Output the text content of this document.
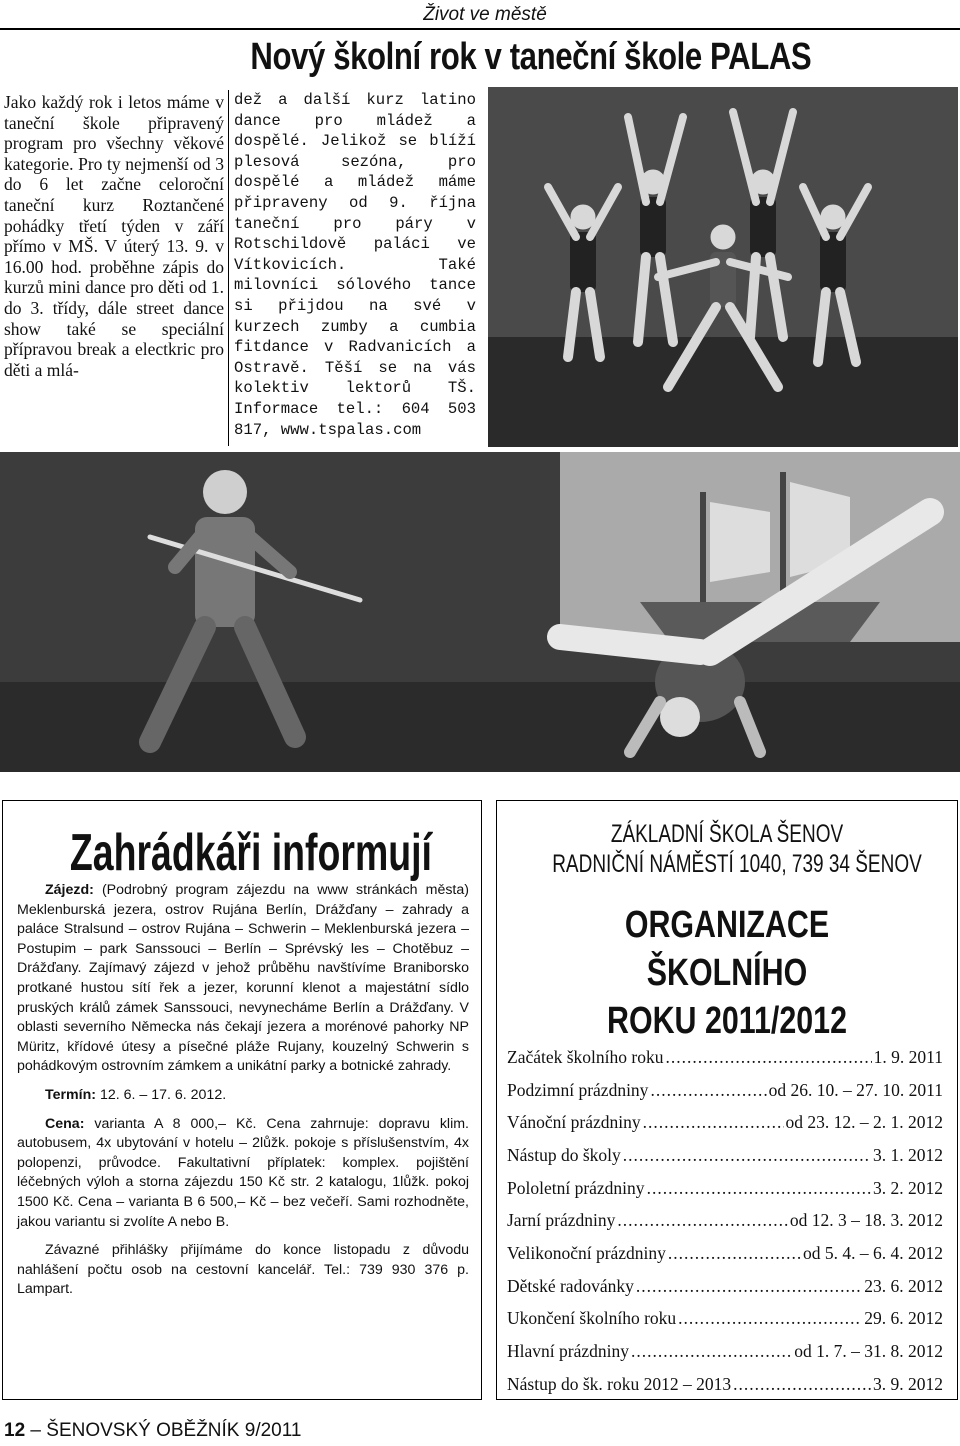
Život ve městě
Nový školní rok v taneční škole PALAS
Jako každý rok i letos máme v taneční škole připravený program pro všechny věkové kategorie. Pro ty nejmenší od 3 do 6 let začne celoroční taneční kurz Roztančené pohádky třetí týden v září přímo v MŠ. V úterý 13. 9. v 16.00 hod. proběhne zápis do kurzů mini dance pro děti od 1. do 3. třídy, dále street dance show také se speciální přípravou break a electkric pro děti a mlá-
dež a další kurz latino dance pro mládež a dospělé. Jelikož se blíží plesová sezóna, pro dospělé a mládež máme připraveny od 9. října taneční pro páry v Rotschildově paláci ve Vítkovicích. Také milovníci sólového tance si přijdou na své v kurzech zumby a cumbia fitdance v Radvanicích a Ostravě. Těší se na vás kolektiv lektorů TŠ. Informace tel.: 604 503 817, www.tspalas.com
Zahrádkáři informují

Zájezd: (Podrobný program zájezdu na www stránkách města) Meklenburská jezera, ostrov Rujána Berlín, Drážďany – zahrady a paláce Stralsund – ostrov Rujána – Schwerin – Meklenburská jezera – Postupim – park Sanssouci – Berlín – Sprévský les – Chotěbuz – Drážďany. Zajímavý zájezd v jehož průběhu navštívíme Braniborsko protkané hustou sítí řek a jezer, korunní klenot a majestátní sídlo pruských králů zámek Sanssouci, nevynecháme Berlín a Drážďany. V oblasti severního Německa nás čekají jezera a morénové pahorky NP Müritz, křídové útesy a písečné pláže Rujany, kouzelný Schwerin s pohádkovým ostrovním zámkem a unikátní parky a botnické zahrady.

Termín: 12. 6. – 17. 6. 2012.

Cena: varianta A 8 000,– Kč. Cena zahrnuje: dopravu klim. autobusem, 4x ubytování v hotelu – 2lůžk. pokoje s příslušenstvím, 4x polopenzi, průvodce. Fakultativní příplatek: komplex. pojištění léčebných výloh a storna zájezdu 150 Kč str. 2 katalogu, 1lůžk. pokoj 1500 Kč. Cena – varianta B 6 500,– Kč – bez večeří. Sami rozhodněte, jakou variantu si zvolíte A nebo B.

Závazné přihlášky přijímáme do konce listopadu z důvodu nahlášení počtu osob na cestovní kancelář. Tel.: 739 930 376 p. Lampart.

ZÁKLADNÍ ŠKOLA ŠENOV
RADNIČNÍ NÁMĚSTÍ 1040, 739 34 ŠENOV
ORGANIZACE
ŠKOLNÍHO
ROKU 2011/2012
Začátek školního roku .....	1. 9. 2011
Podzimní prázdniny .....	od 26. 10. – 27. 10. 2011
Vánoční prázdniny .....	od 23. 12. – 2. 1. 2012
Nástup do školy .....	3. 1. 2012
Pololetní prázdniny .....	3. 2. 2012
Jarní prázdniny .....	od 12. 3 – 18. 3. 2012
Velikonoční prázdniny .....	od 5. 4. – 6. 4. 2012
Dětské radovánky .....	23. 6. 2012
Ukončení školního roku .....	29. 6. 2012
Hlavní prázdniny .....	od 1. 7. – 31. 8. 2012
Nástup do šk. roku 2012 – 2013 .....	3. 9. 2012
12 – ŠENOVSKÝ OBĚŽNÍK 9/2011
